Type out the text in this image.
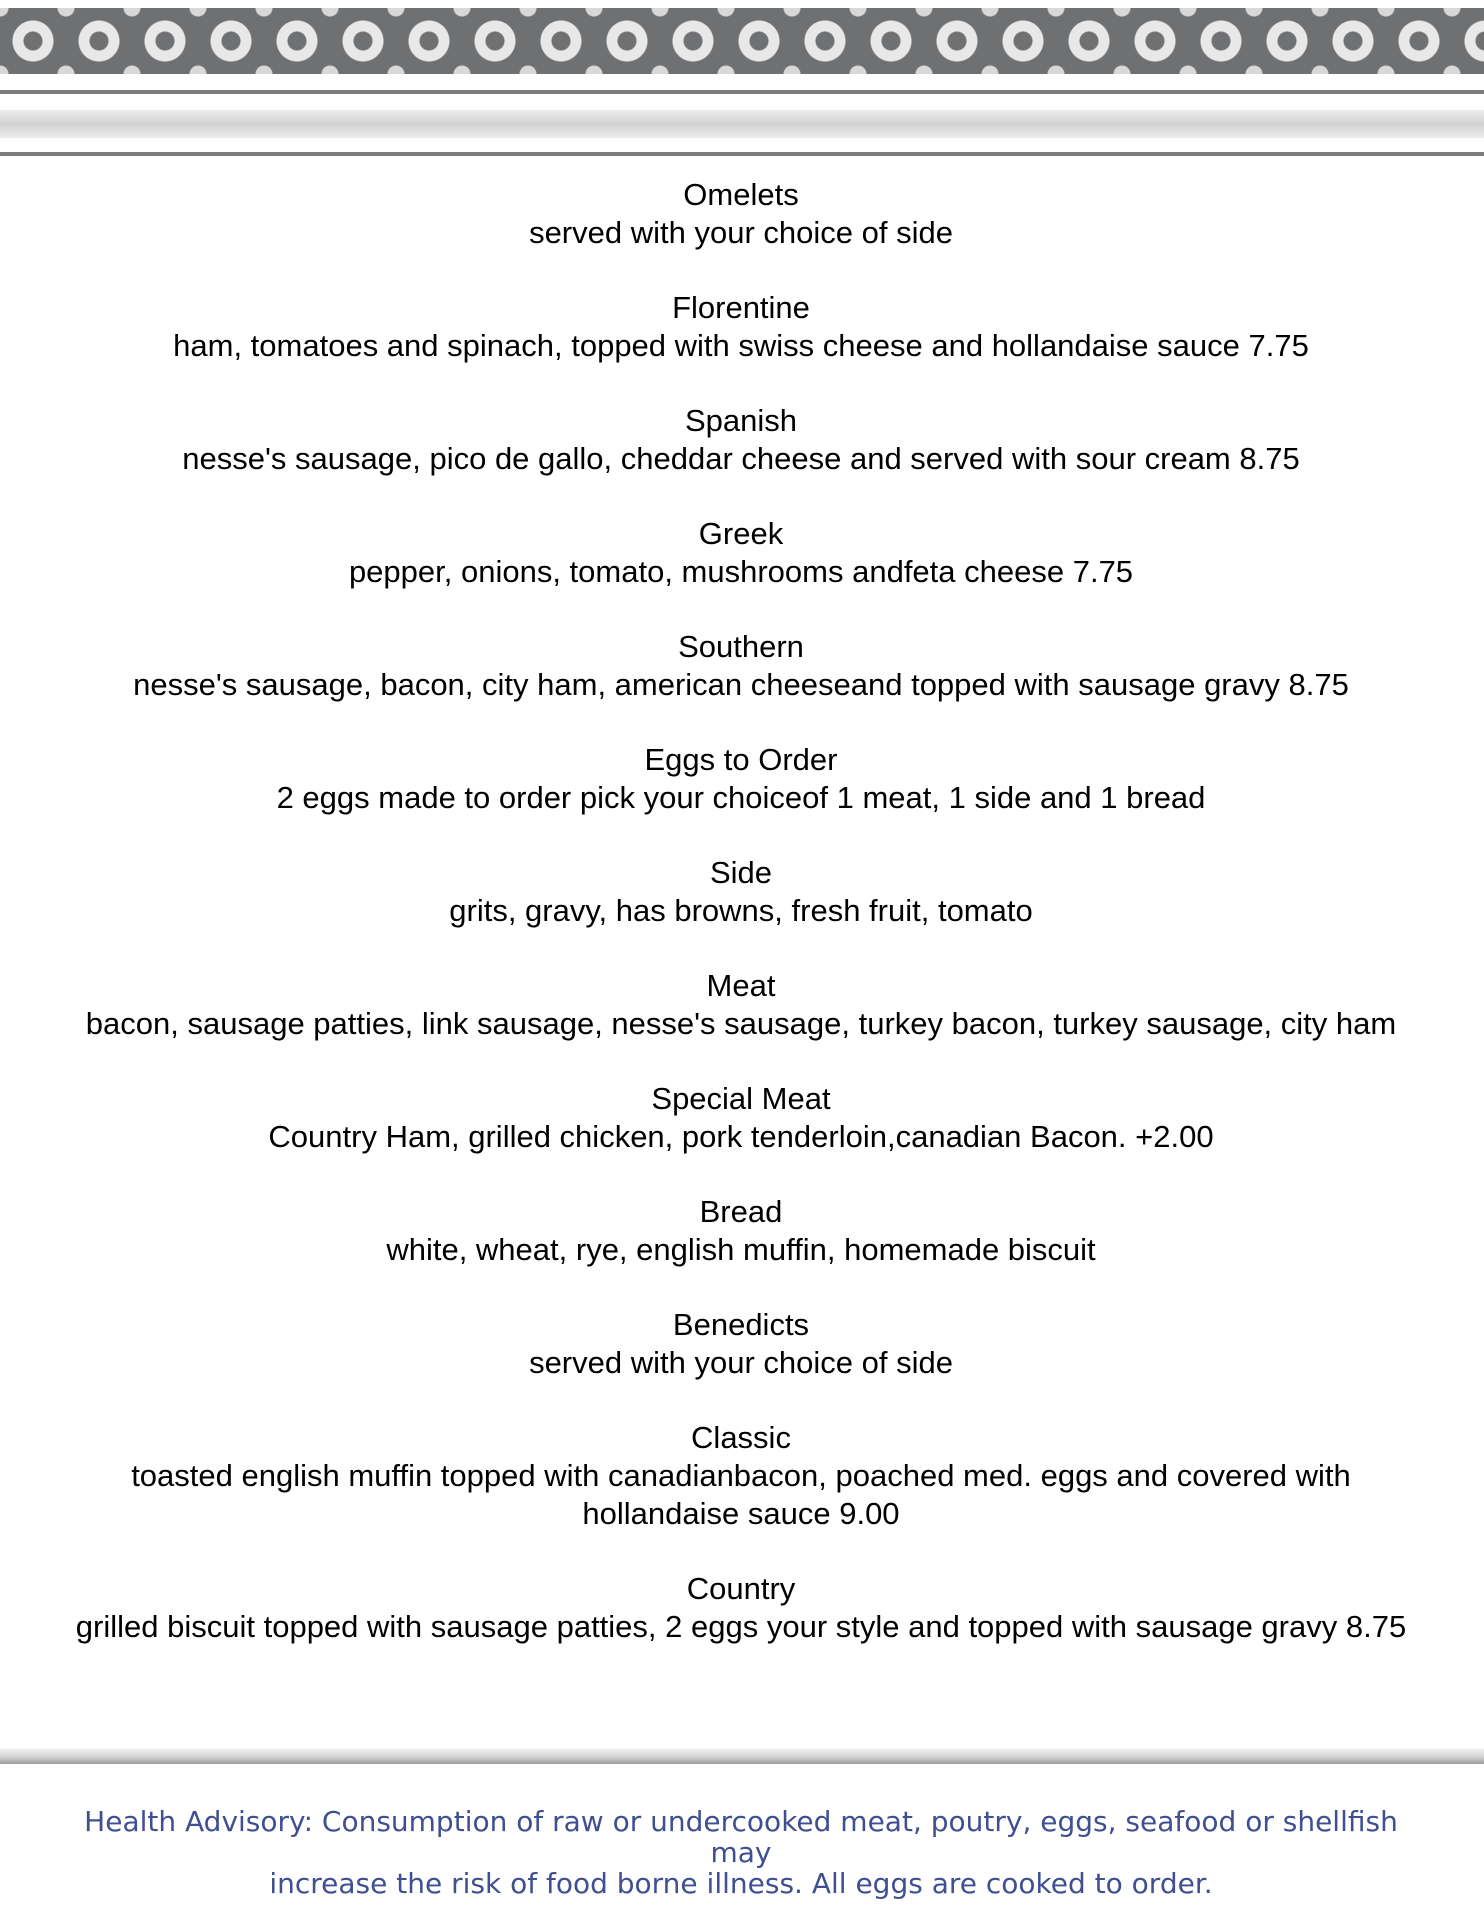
Omelets
served with your choice of side
Florentine
ham, tomatoes and spinach, topped with swiss cheese and hollandaise sauce 7.75
Spanish
nesse's sausage, pico de gallo, cheddar cheese and served with sour cream 8.75
Greek
pepper, onions, tomato, mushrooms andfeta cheese 7.75
Southern
nesse's sausage, bacon, city ham, american cheeseand topped with sausage gravy 8.75
Eggs to Order
2 eggs made to order pick your choiceof 1 meat, 1 side and 1 bread
Side
grits, gravy, has browns, fresh fruit, tomato
Meat
bacon, sausage patties, link sausage, nesse's sausage, turkey bacon, turkey sausage, city ham
Special Meat
Country Ham, grilled chicken, pork tenderloin,canadian Bacon. +2.00
Bread
white, wheat, rye, english muffin, homemade biscuit
Benedicts
served with your choice of side
Classic
toasted english muffin topped with canadianbacon, poached med. eggs and covered with hollandaise sauce 9.00
Country
grilled biscuit topped with sausage patties, 2 eggs your style and topped with sausage gravy 8.75
Health Advisory: Consumption of raw or undercooked meat, poutry, eggs, seafood or shellfish may
increase the risk of food borne illness. All eggs are cooked to order.
